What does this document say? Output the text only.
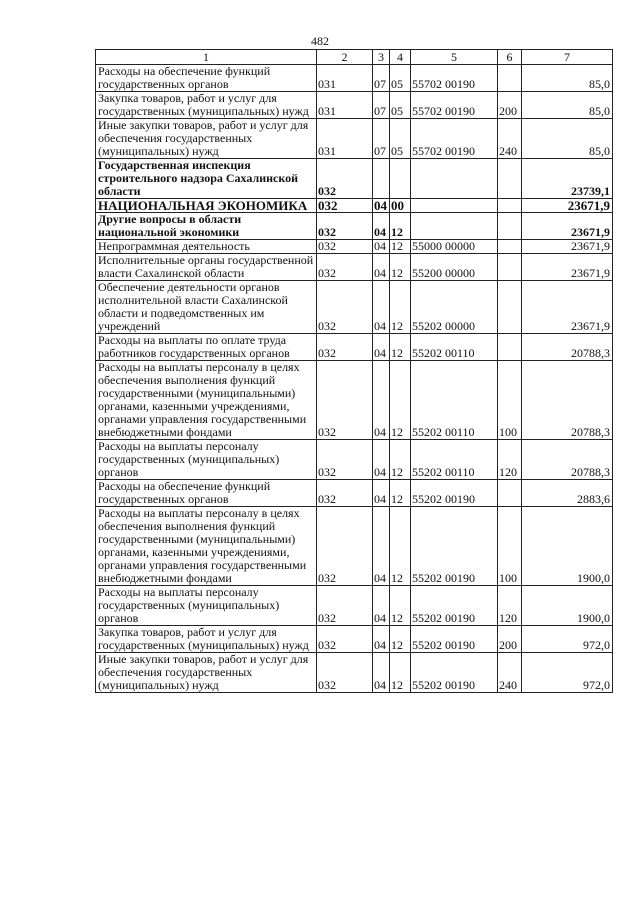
482
1	2	3	4	5	6	7
Расходы на обеспечение функций государственных органов	031	07	05	55702 00190		85,0
Закупка товаров, работ и услуг для государственных (муниципальных) нужд	031	07	05	55702 00190	200	85,0
Иные закупки товаров, работ и услуг для обеспечения государственных (муниципальных) нужд	031	07	05	55702 00190	240	85,0
Государственная инспекция строительного надзора Сахалинской области	032					23739,1
НАЦИОНАЛЬНАЯ ЭКОНОМИКА	032	04	00			23671,9
Другие вопросы в области национальной экономики	032	04	12			23671,9
Непрограммная деятельность	032	04	12	55000 00000		23671,9
Исполнительные органы государственной власти Сахалинской области	032	04	12	55200 00000		23671,9
Обеспечение деятельности органов исполнительной власти Сахалинской области и подведомственных им учреждений	032	04	12	55202 00000		23671,9
Расходы на выплаты по оплате труда работников государственных органов	032	04	12	55202 00110		20788,3
Расходы на выплаты персоналу в целях обеспечения выполнения функций государственными (муниципальными) органами, казенными учреждениями, органами управления государственными внебюджетными фондами	032	04	12	55202 00110	100	20788,3
Расходы на выплаты персоналу государственных (муниципальных) органов	032	04	12	55202 00110	120	20788,3
Расходы на обеспечение функций государственных органов	032	04	12	55202 00190		2883,6
Расходы на выплаты персоналу в целях обеспечения выполнения функций государственными (муниципальными) органами, казенными учреждениями, органами управления государственными внебюджетными фондами	032	04	12	55202 00190	100	1900,0
Расходы на выплаты персоналу государственных (муниципальных) органов	032	04	12	55202 00190	120	1900,0
Закупка товаров, работ и услуг для государственных (муниципальных) нужд	032	04	12	55202 00190	200	972,0
Иные закупки товаров, работ и услуг для обеспечения государственных (муниципальных) нужд	032	04	12	55202 00190	240	972,0
